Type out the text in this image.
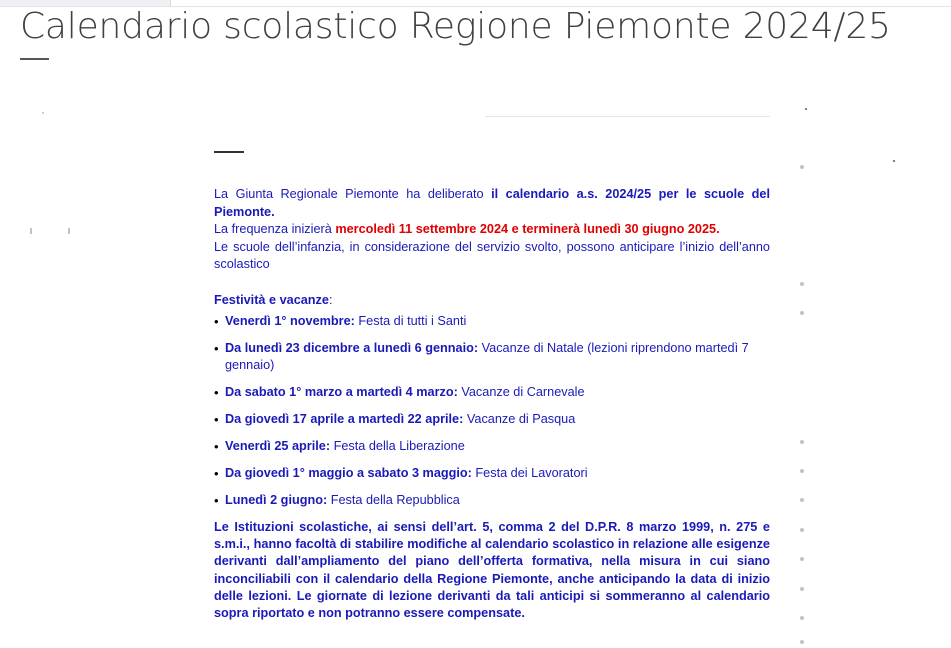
Calendario scolastico Regione Piemonte 2024/25

La Giunta Regionale Piemonte ha deliberato il calendario a.s. 2024/25 per le scuole del Piemonte.
La frequenza inizierà mercoledì 11 settembre 2024 e terminerà lunedì 30 giugno 2025.
Le scuole dell’infanzia, in considerazione del servizio svolto, possono anticipare l’inizio dell’anno scolastico

Festività e vacanze:

• Venerdì 1° novembre: Festa di tutti i Santi
• Da lunedì 23 dicembre a lunedì 6 gennaio: Vacanze di Natale (lezioni riprendono martedì 7 gennaio)
• Da sabato 1° marzo a martedì 4 marzo: Vacanze di Carnevale
• Da giovedì 17 aprile a martedì 22 aprile: Vacanze di Pasqua
• Venerdì 25 aprile: Festa della Liberazione
• Da giovedì 1° maggio a sabato 3 maggio: Festa dei Lavoratori
• Lunedì 2 giugno: Festa della Repubblica

Le Istituzioni scolastiche, ai sensi dell’art. 5, comma 2 del D.P.R. 8 marzo 1999, n. 275 e s.m.i., hanno facoltà di stabilire modifiche al calendario scolastico in relazione alle esigenze derivanti dall’ampliamento del piano dell’offerta formativa, nella misura in cui siano inconciliabili con il calendario della Regione Piemonte, anche anticipando la data di inizio delle lezioni. Le giornate di lezione derivanti da tali anticipi si sommeranno al calendario sopra riportato e non potranno essere compensate.
